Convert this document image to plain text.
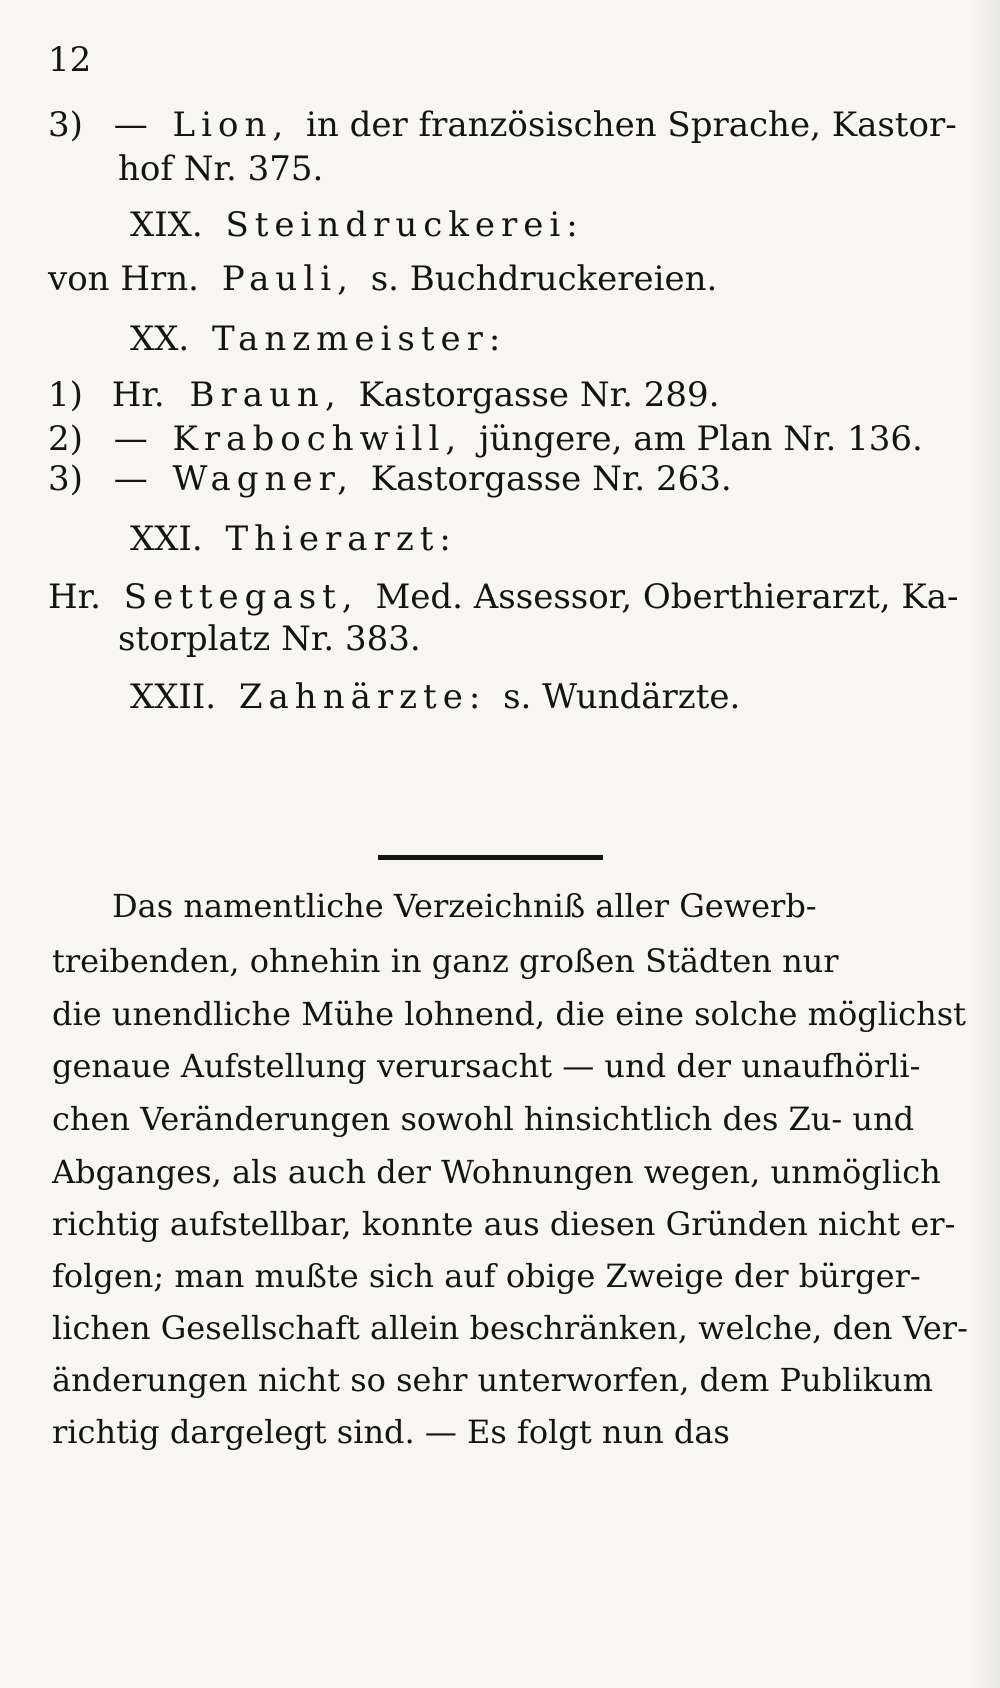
12
3) — Lion, in der französischen Sprache, Kastor-
hof Nr. 375.
XIX. Steindruckerei:
von Hrn. Pauli, s. Buchdruckereien.
XX. Tanzmeister:
1) Hr. Braun, Kastorgasse Nr. 289.
2) — Krabochwill, jüngere, am Plan Nr. 136.
3) — Wagner, Kastorgasse Nr. 263.
XXI. Thierarzt:
Hr. Settegast, Med. Assessor, Oberthierarzt, Ka-
storplatz Nr. 383.
XXII. Zahnärzte: s. Wundärzte.
Das namentliche Verzeichniß aller Gewerb-
treibenden, ohnehin in ganz großen Städten nur
die unendliche Mühe lohnend, die eine solche möglichst
genaue Aufstellung verursacht — und der unaufhörli-
chen Veränderungen sowohl hinsichtlich des Zu- und
Abganges, als auch der Wohnungen wegen, unmöglich
richtig aufstellbar, konnte aus diesen Gründen nicht er-
folgen; man mußte sich auf obige Zweige der bürger-
lichen Gesellschaft allein beschränken, welche, den Ver-
änderungen nicht so sehr unterworfen, dem Publikum
richtig dargelegt sind. — Es folgt nun das
